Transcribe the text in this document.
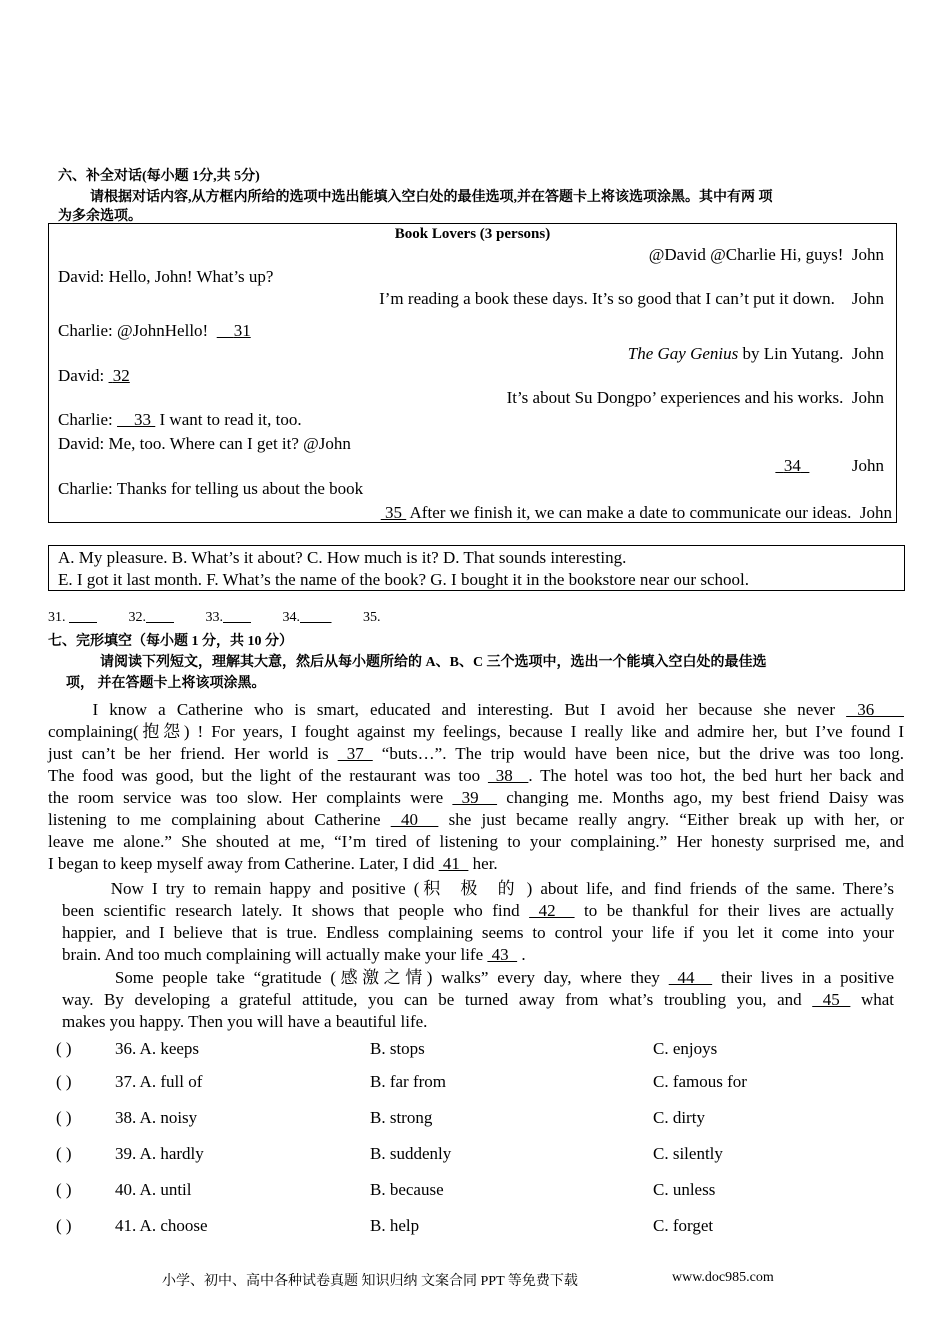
六、补全对话(每小题 1分,共 5分)
请根据对话内容,从方框内所给的选项中选出能填入空白处的最佳选项,并在答题卡上将该选项涂黑。其中有两 项
为多余选项。
Book Lovers (3 persons)
@David @Charlie Hi, guys! John
David: Hello, John! What’s up?
I’m reading a book these days. It’s so good that I can’t put it down. John
Charlie: @JohnHello! 31
The Gay Genius by Lin Yutang. John
David: 32
It’s about Su Dongpo’ experiences and his works. John
Charlie: 33 I want to read it, too.
David: Me, too. Where can I get it? @John
34	John
Charlie: Thanks for telling us about the book
35 After we finish it, we can make a date to communicate our ideas. John
A. My pleasure. B. What’s it about? C. How much is it? D. That sounds interesting.
E. I got it last month. F. What’s the name of the book? G. I bought it in the bookstore near our school.
31.	32.	33.	34.	35.
七、完形填空（每小题 1 分，共 10 分）
请阅读下列短文，理解其大意，然后从每小题所给的 A、B、C 三个选项中，选出一个能填入空白处的最佳选
项， 并在答题卡上将该项涂黑。
I know a Catherine who is smart, educated and interesting. But I avoid her because she never  36
complaining(抱怨) ! For years, I fought against my feelings, because I really like and admire her, but I’ve found I
just can’t be her friend. Her world is  37  “buts…”. The trip would have been nice, but the drive was too long.
The food was good, but the light of the restaurant was too  38  . The hotel was too hot, the bed hurt her back and
the room service was too slow. Her complaints were  39   changing me. Months ago, my best friend Daisy was
listening to me complaining about Catherine  40   she just became really angry. “Either break up with her, or
leave me alone.” She shouted at me, “I’m tired of listening to your complaining.” Her honesty surprised me, and
I began to keep myself away from Catherine. Later, I did  41   her.
Now I try to remain happy and positive (积  极  的 ) about life, and find friends of the same. There’s
been scientific research lately. It shows that people who find  42   to be thankful for their lives are actually
happier, and I believe that is true. Endless complaining seems to control your life if you let it come into your
brain. And too much complaining will actually make your life  43   .
Some people take “gratitude (感激之情) walks” every day, where they  44   their lives in a positive
way. By developing a grateful attitude, you can be turned away from what’s troubling you, and  45  what
makes you happy. Then you will have a beautiful life.
( )	36. A. keeps	B. stops	C. enjoys
( )	37. A. full of	B. far from	C. famous for
( )	38. A. noisy	B. strong	C. dirty
( )	39. A. hardly	B. suddenly	C. silently
( )	40. A. until	B. because	C. unless
( )	41. A. choose	B. help	C. forget
小学、初中、高中各种试卷真题 知识归纳 文案合同 PPT 等免费下载	www.doc985.com
